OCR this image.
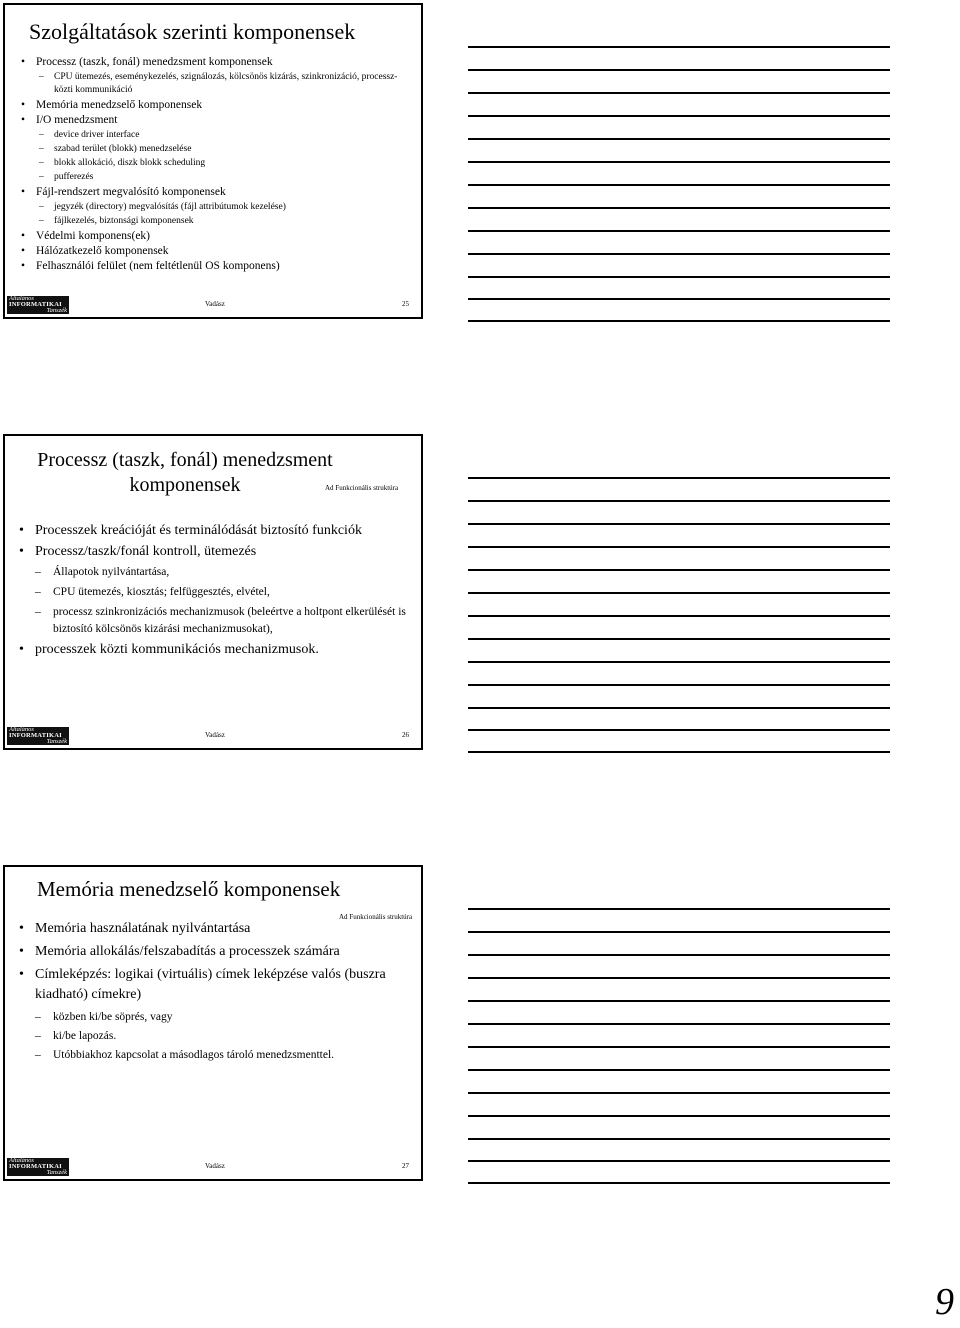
Szolgáltatások szerinti komponensek
• Processz (taszk, fonál) menedzsment komponensek
– CPU ütemezés, eseménykezelés, szignálozás, kölcsönös kizárás, szinkronizáció, processz-közti kommunikáció
• Memória menedzselő komponensek
• I/O menedzsment
– device driver interface
– szabad terület (blokk) menedzselése
– blokk allokáció, diszk blokk scheduling
– pufferezés
• Fájl-rendszert megvalósító komponensek
– jegyzék (directory) megvalósítás (fájl attribútumok kezelése)
– fájlkezelés, biztonsági komponensek
• Védelmi komponens(ek)
• Hálózatkezelő komponensek
• Felhasználói felület (nem feltétlenül OS komponens)
Általános
INFORMATIKAI
Tanszék
Vadász	25
Processz (taszk, fonál) menedzsment komponensek	Ad Funkcionális struktúra
• Processzek kreációját és terminálódását biztosító funkciók
• Processz/taszk/fonál kontroll, ütemezés
– Állapotok nyilvántartása,
– CPU ütemezés, kiosztás; felfüggesztés, elvétel,
– processz szinkronizációs mechanizmusok (beleértve a holtpont elkerülését is biztosító kölcsönös kizárási mechanizmusokat),
• processzek közti kommunikációs mechanizmusok.
Általános
INFORMATIKAI
Tanszék
Vadász	26
Memória menedzselő komponensek
Ad Funkcionális struktúra
• Memória használatának nyilvántartása
• Memória allokálás/felszabadítás a processzek számára
• Címleképzés: logikai (virtuális) címek leképzése valós (buszra kiadható) címekre)
– közben ki/be söprés, vagy
– ki/be lapozás.
– Utóbbiakhoz kapcsolat a másodlagos tároló menedzsmenttel.
Általános
INFORMATIKAI
Tanszék
Vadász	27
9
